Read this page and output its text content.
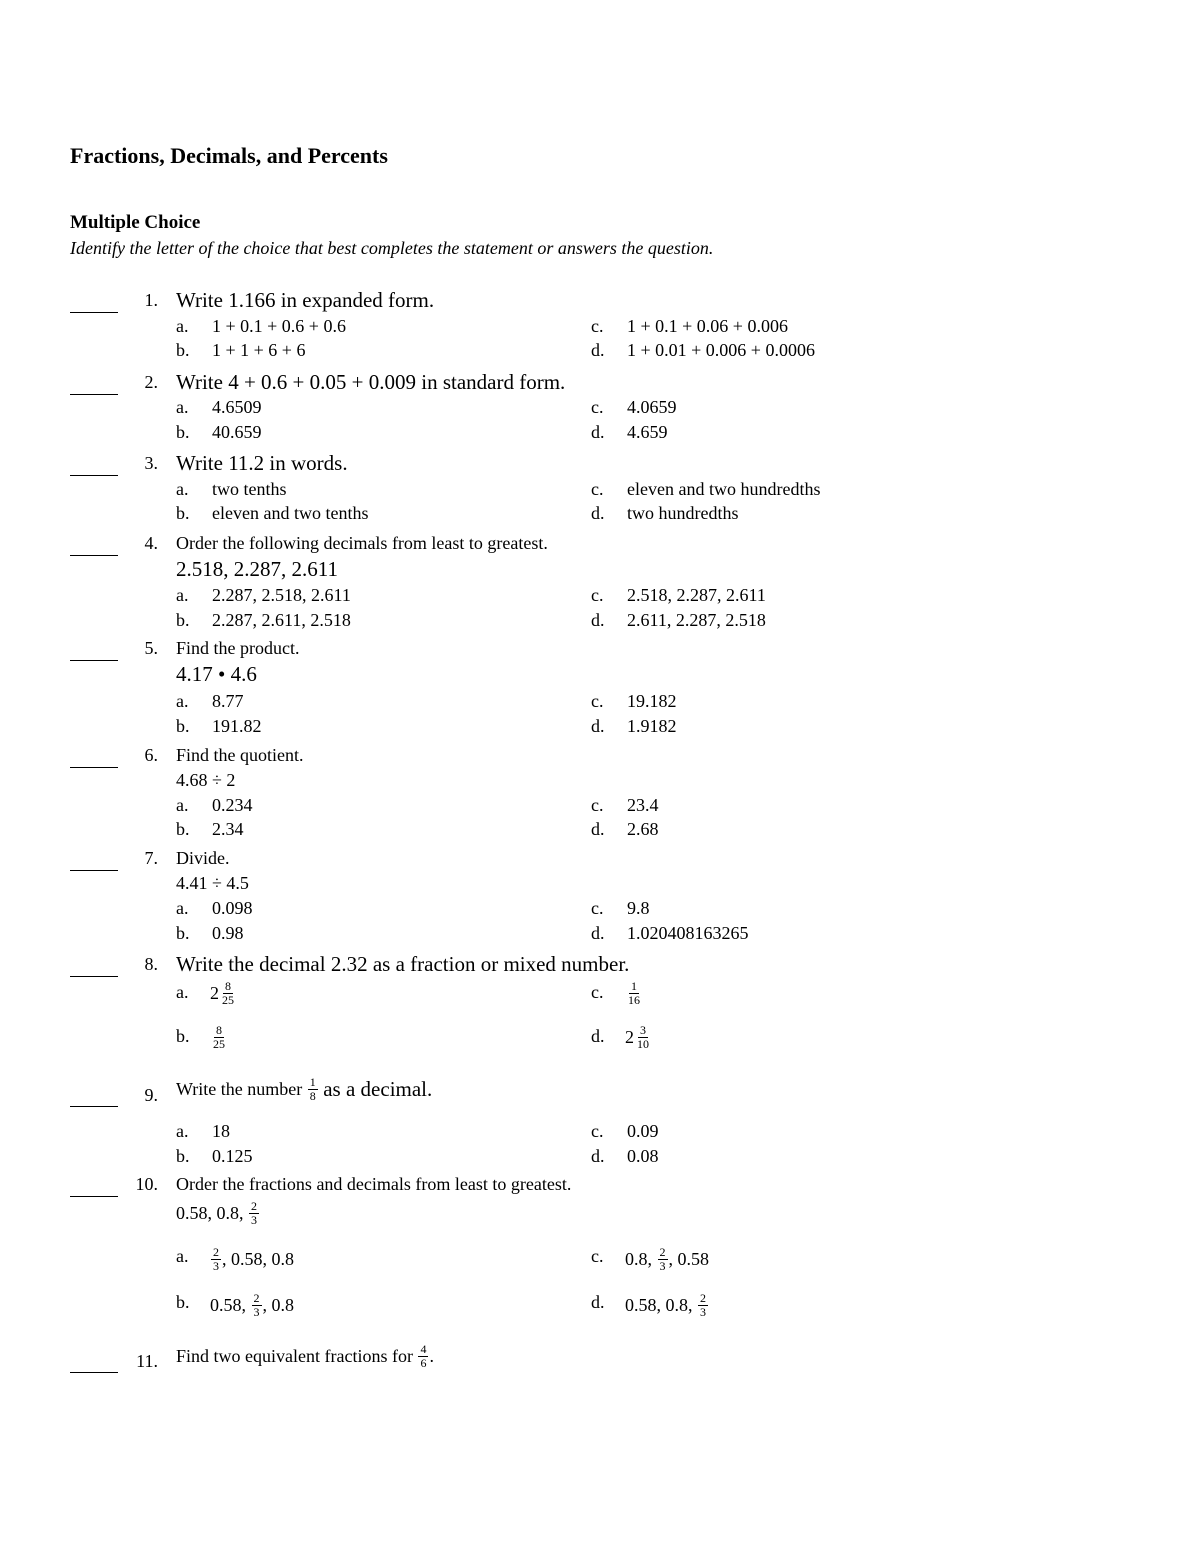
Fractions, Decimals, and Percents
Multiple Choice
Identify the letter of the choice that best completes the statement or answers the question.
1. Write 1.166 in expanded form.
a. 1 + 0.1 + 0.6 + 0.6
b. 1 + 1 + 6 + 6
c. 1 + 0.1 + 0.06 + 0.006
d. 1 + 0.01 + 0.006 + 0.0006
2. Write 4 + 0.6 + 0.05 + 0.009 in standard form.
a. 4.6509
b. 40.659
c. 4.0659
d. 4.659
3. Write 11.2 in words.
a. two tenths
b. eleven and two tenths
c. eleven and two hundredths
d. two hundredths
4. Order the following decimals from least to greatest.
2.518, 2.287, 2.611
a. 2.287, 2.518, 2.611
b. 2.287, 2.611, 2.518
c. 2.518, 2.287, 2.611
d. 2.611, 2.287, 2.518
5. Find the product.
4.17 • 4.6
a. 8.77
b. 191.82
c. 19.182
d. 1.9182
6. Find the quotient.
4.68 ÷ 2
a. 0.234
b. 2.34
c. 23.4
d. 2.68
7. Divide.
4.41 ÷ 4.5
a. 0.098
b. 0.98
c. 9.8
d. 1.020408163265
8. Write the decimal 2.32 as a fraction or mixed number.
a. $2 \frac{8}{25}$
b. $\frac{8}{25}$
c. $\frac{1}{16}$
d. $2 \frac{3}{10}$
9. Write the number $\frac{1}{8}$ as a decimal.
a. 18
b. 0.125
c. 0.09
d. 0.08
10. Order the fractions and decimals from least to greatest.
0.58, 0.8, $\frac{2}{3}$
a. $\frac{2}{3}$ , 0.58, 0.8
b. 0.58, $\frac{2}{3}$ , 0.8
c. 0.8, $\frac{2}{3}$ , 0.58
d. 0.58, 0.8, $\frac{2}{3}$
11. Find two equivalent fractions for $\frac{4}{6}$ .
